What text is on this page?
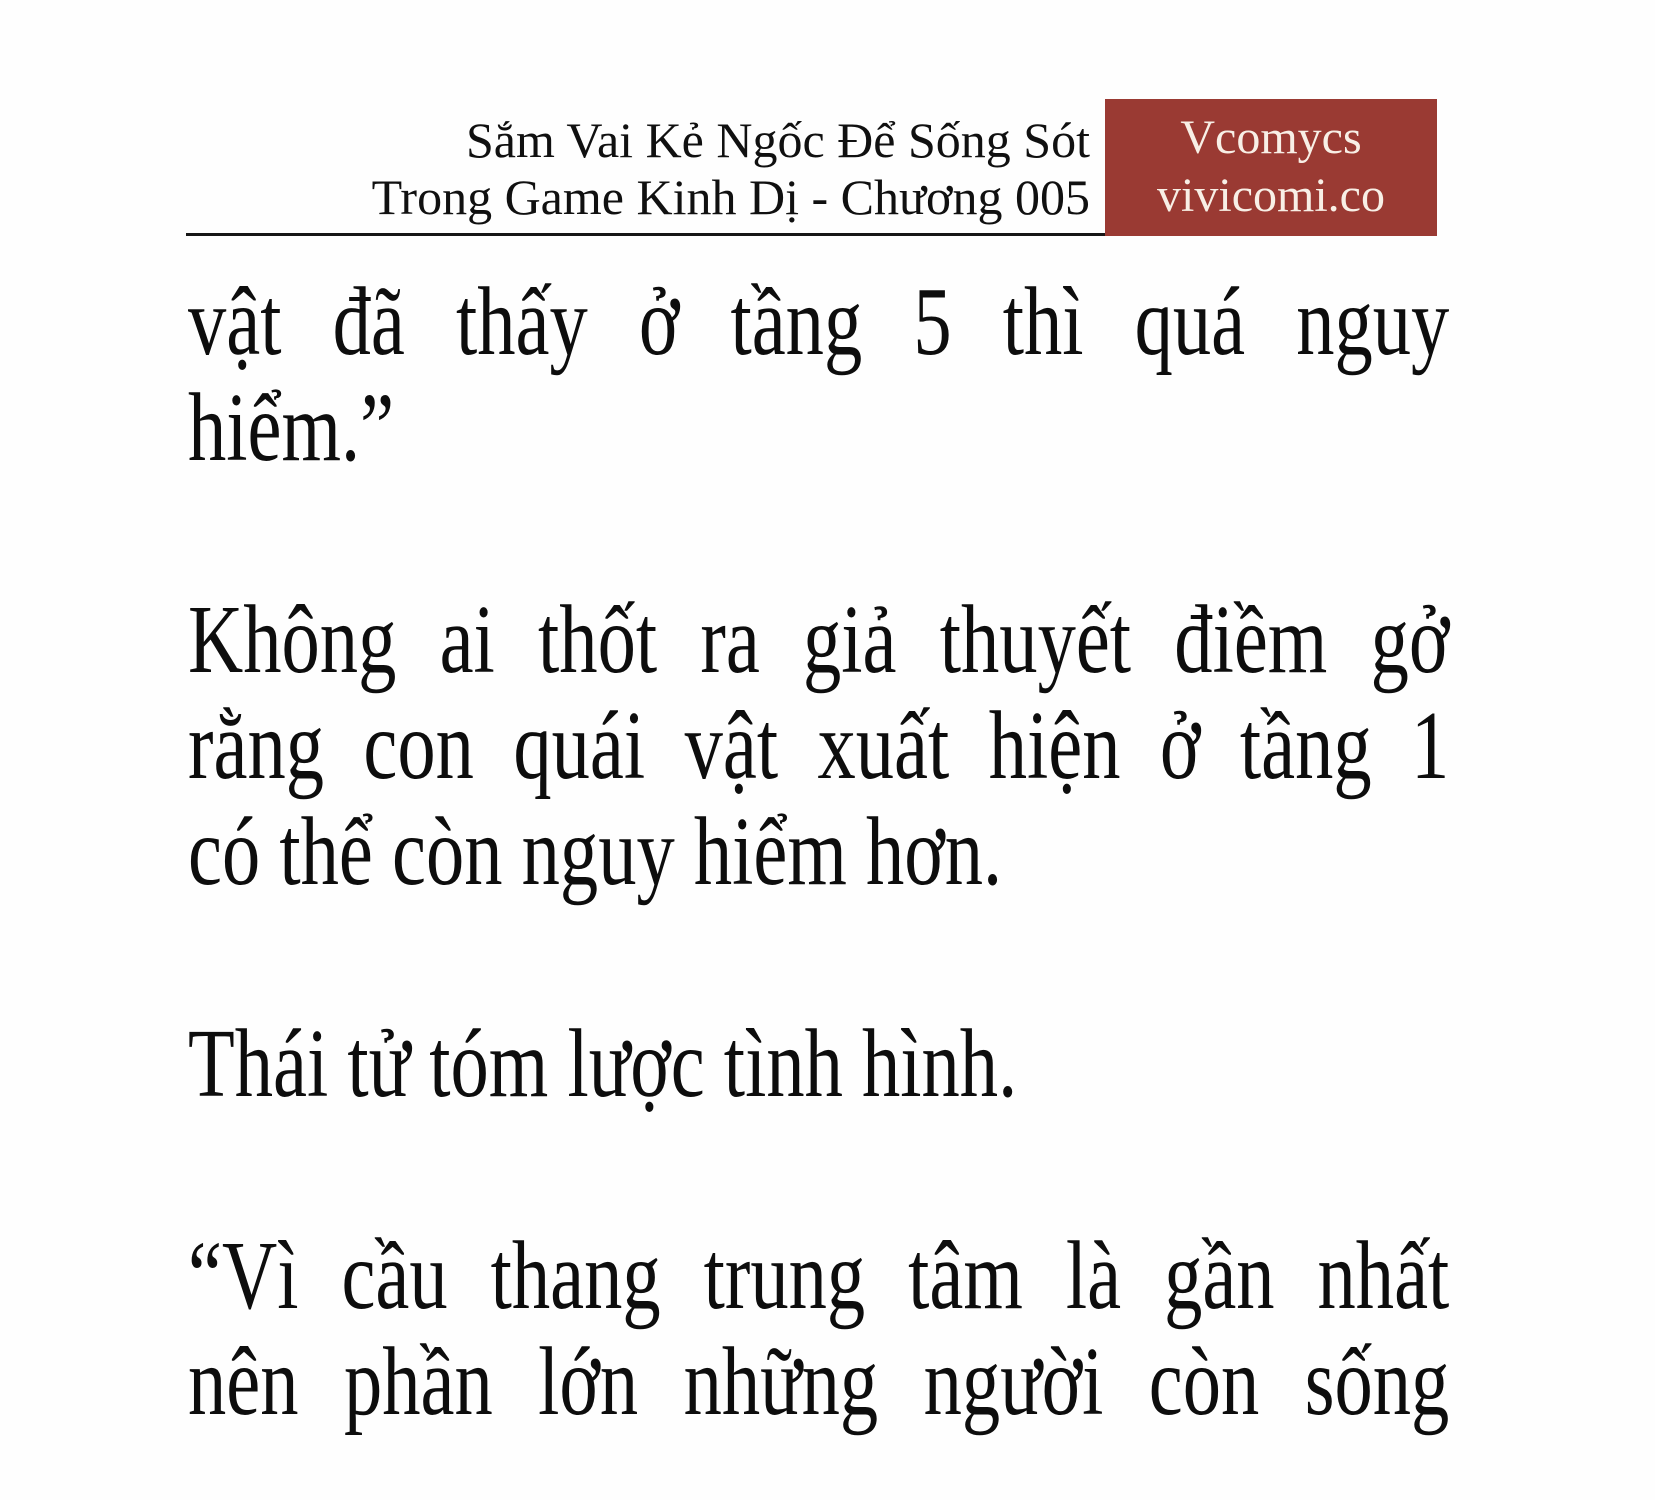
Sắm Vai Kẻ Ngốc Để Sống Sót
Trong Game Kinh Dị - Chương 005
Vcomycs
vivicomi.co
vật đã thấy ở tầng 5 thì quá nguy
hiểm.”
Không ai thốt ra giả thuyết điềm gở
rằng con quái vật xuất hiện ở tầng 1
có thể còn nguy hiểm hơn.
Thái tử tóm lược tình hình.
“Vì cầu thang trung tâm là gần nhất
nên phần lớn những người còn sống
